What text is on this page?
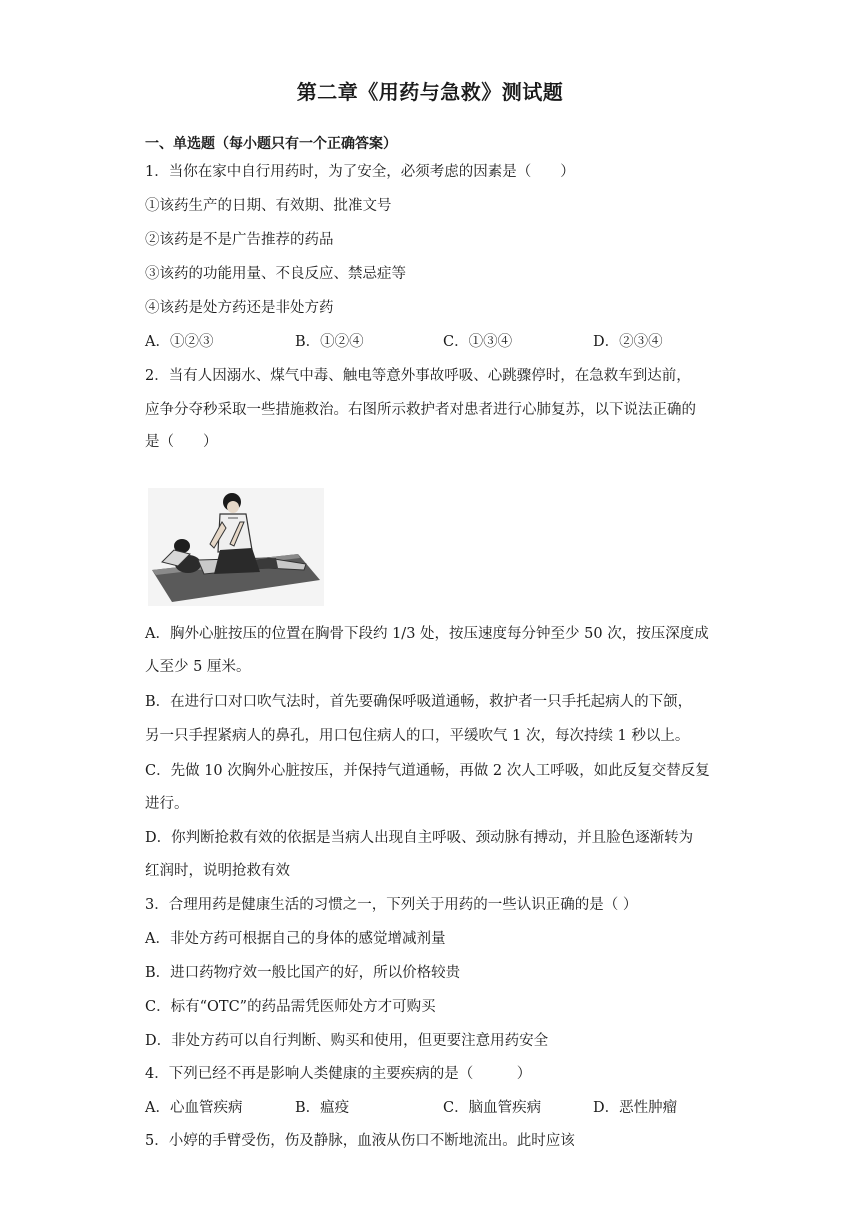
第二章《用药与急救》测试题
一、单选题（每小题只有一个正确答案）
1．当你在家中自行用药时，为了安全，必须考虑的因素是（　　）
①该药生产的日期、有效期、批准文号
②该药是不是广告推荐的药品
③该药的功能用量、不良反应、禁忌症等
④该药是处方药还是非处方药
A．①②③	B．①②④	C．①③④	D．②③④
2．当有人因溺水、煤气中毒、触电等意外事故呼吸、心跳骤停时，在急救车到达前，
应争分夺秒采取一些措施救治。右图所示救护者对患者进行心肺复苏，以下说法正确的
是（　　）
A．胸外心脏按压的位置在胸骨下段约 1/3 处，按压速度每分钟至少 50 次，按压深度成
人至少 5 厘米。
B．在进行口对口吹气法时，首先要确保呼吸道通畅，救护者一只手托起病人的下颌，
另一只手捏紧病人的鼻孔，用口包住病人的口，平缓吹气 1 次，每次持续 1 秒以上。
C．先做 10 次胸外心脏按压，并保持气道通畅，再做 2 次人工呼吸，如此反复交替反复
进行。
D．你判断抢救有效的依据是当病人出现自主呼吸、颈动脉有搏动，并且脸色逐渐转为
红润时，说明抢救有效
3．合理用药是健康生活的习惯之一，下列关于用药的一些认识正确的是（ ）
A．非处方药可根据自己的身体的感觉增减剂量
B．进口药物疗效一般比国产的好，所以价格较贵
C．标有“OTC”的药品需凭医师处方才可购买
D．非处方药可以自行判断、购买和使用，但更要注意用药安全
4．下列已经不再是影响人类健康的主要疾病的是（　　　）
A．心血管疾病	B．瘟疫	C．脑血管疾病	D．恶性肿瘤
5．小婷的手臂受伤，伤及静脉，血液从伤口不断地流出。此时应该
